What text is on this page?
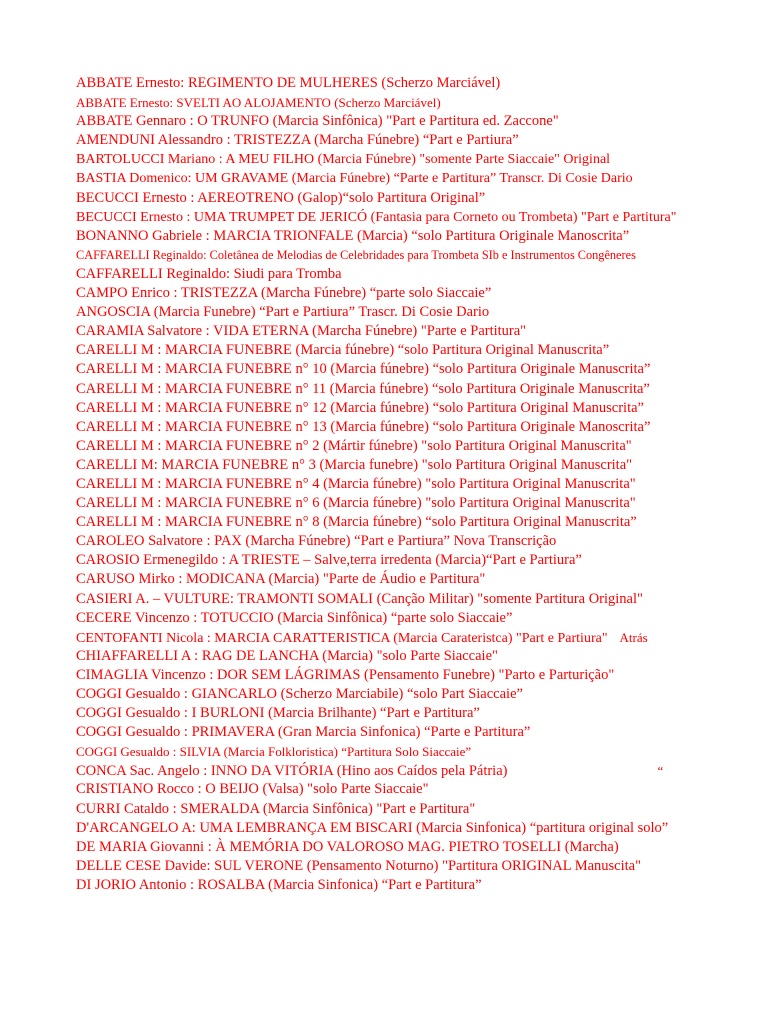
ABBATE Ernesto: REGIMENTO DE MULHERES (Scherzo Marciável)
ABBATE Ernesto: SVELTI AO ALOJAMENTO (Scherzo Marciável)
ABBATE Gennaro : O TRUNFO (Marcia Sinfônica) "Part e Partitura ed. Zaccone"
AMENDUNI Alessandro : TRISTEZZA (Marcha Fúnebre) “Part e Partiura”
BARTOLUCCI Mariano : A MEU FILHO (Marcia Fúnebre) "somente Parte Siaccaie" Original
BASTIA Domenico: UM GRAVAME (Marcia Fúnebre) “Parte e Partitura” Transcr. Di Cosie Dario
BECUCCI Ernesto : AEREOTRENO (Galop)“solo Partitura Original”
BECUCCI Ernesto : UMA TRUMPET DE JERICÓ (Fantasia para Corneto ou Trombeta) "Part e Partitura"
BONANNO Gabriele : MARCIA TRIONFALE (Marcia) “solo Partitura Originale Manoscrita”
CAFFARELLI Reginaldo: Coletânea de Melodias de Celebridades para Trombeta SIb e Instrumentos Congêneres
CAFFARELLI Reginaldo: Siudi para Tromba
CAMPO Enrico : TRISTEZZA (Marcha Fúnebre) “parte solo Siaccaie”
ANGOSCIA (Marcia Funebre) “Part e Partiura” Trascr. Di Cosie Dario
CARAMIA Salvatore : VIDA ETERNA (Marcha Fúnebre) "Parte e Partitura"
CARELLI M : MARCIA FUNEBRE (Marcia fúnebre) “solo Partitura Original Manuscrita”
CARELLI M : MARCIA FUNEBRE n° 10 (Marcia fúnebre) “solo Partitura Originale Manuscrita”
CARELLI M : MARCIA FUNEBRE n° 11 (Marcia fúnebre) “solo Partitura Originale Manuscrita”
CARELLI M : MARCIA FUNEBRE n° 12 (Marcia fúnebre) “solo Partitura Original Manuscrita”
CARELLI M : MARCIA FUNEBRE n° 13 (Marcia fúnebre) “solo Partitura Originale Manoscrita”
CARELLI M : MARCIA FUNEBRE n° 2 (Mártir fúnebre) "solo Partitura Original Manuscrita"
CARELLI M: MARCIA FUNEBRE n° 3 (Marcia funebre) "solo Partitura Original Manuscrita"
CARELLI M : MARCIA FUNEBRE n° 4 (Marcia fúnebre) "solo Partitura Original Manuscrita"
CARELLI M : MARCIA FUNEBRE n° 6 (Marcia fúnebre) "solo Partitura Original Manuscrita"
CARELLI M : MARCIA FUNEBRE n° 8 (Marcia fúnebre) “solo Partitura Original Manuscrita”
CAROLEO Salvatore : PAX (Marcha Fúnebre) “Part e Partiura” Nova Transcrição
CAROSIO Ermenegildo : A TRIESTE – Salve,terra irredenta (Marcia)“Part e Partiura”
CARUSO Mirko : MODICANA (Marcia) "Parte de Áudio e Partitura"
CASIERI A. – VULTURE: TRAMONTI SOMALI (Canção Militar) "somente Partitura Original"
CECERE Vincenzo : TOTUCCIO (Marcia Sinfônica) “parte solo Siaccaie”
CENTOFANTI Nicola : MARCIA CARATTERISTICA (Marcia Carateristca) "Part e Partiura" Atrás
CHIAFFARELLI A : RAG DE LANCHA (Marcia) "solo Parte Siaccaie"
CIMAGLIA Vincenzo : DOR SEM LÁGRIMAS (Pensamento Funebre) "Parto e Parturição"
COGGI Gesualdo : GIANCARLO (Scherzo Marciabile) “solo Part Siaccaie”
COGGI Gesualdo : I BURLONI (Marcia Brilhante) “Part e Partitura”
COGGI Gesualdo : PRIMAVERA (Gran Marcia Sinfonica) “Parte e Partitura”
COGGI Gesualdo : SILVIA (Marcia Folkloristica) “Partitura Solo Siaccaie”
CONCA Sac. Angelo : INNO DA VITÓRIA (Hino aos Caídos pela Pátria)	“
CRISTIANO Rocco : O BEIJO (Valsa) "solo Parte Siaccaie"
CURRI Cataldo : SMERALDA (Marcia Sinfônica) "Part e Partitura"
D'ARCANGELO A: UMA LEMBRANÇA EM BISCARI (Marcia Sinfonica) “partitura original solo”
DE MARIA Giovanni : À MEMÓRIA DO VALOROSO MAG. PIETRO TOSELLI (Marcha)
DELLE CESE Davide: SUL VERONE (Pensamento Noturno) "Partitura ORIGINAL Manuscita"
DI JORIO Antonio : ROSALBA (Marcia Sinfonica) “Part e Partitura”
